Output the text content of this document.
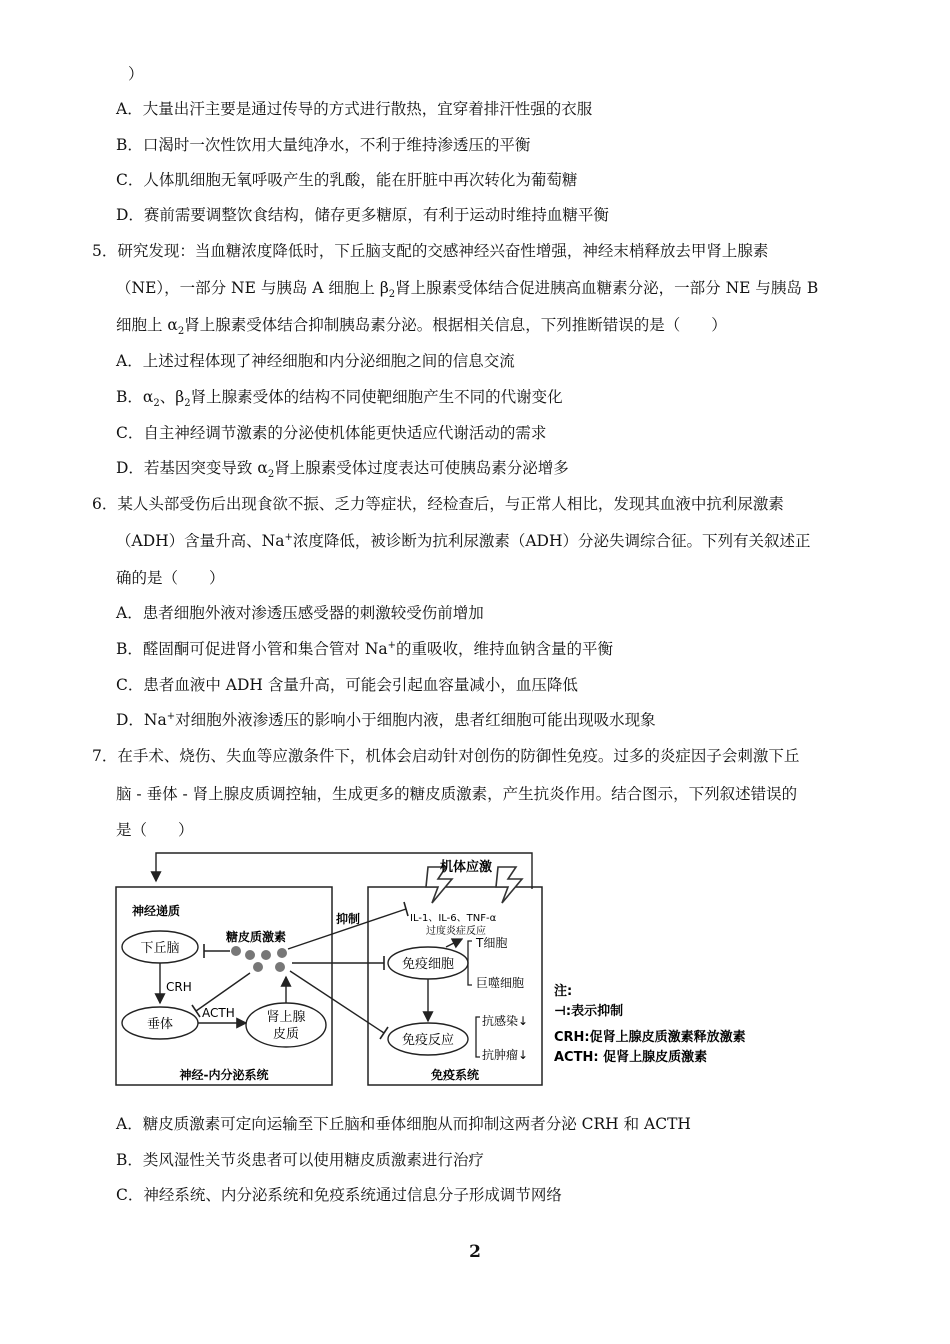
）
A．大量出汗主要是通过传导的方式进行散热，宜穿着排汗性强的衣服
B．口渴时一次性饮用大量纯净水，不利于维持渗透压的平衡
C．人体肌细胞无氧呼吸产生的乳酸，能在肝脏中再次转化为葡萄糖
D．赛前需要调整饮食结构，储存更多糖原，有利于运动时维持血糖平衡
5．研究发现：当血糖浓度降低时，下丘脑支配的交感神经兴奋性增强，神经末梢释放去甲肾上腺素
（NE），一部分 NE 与胰岛 A 细胞上 $\beta_2$肾上腺素受体结合促进胰高血糖素分泌，一部分 NE 与胰岛 B
细胞上 $\alpha_2$肾上腺素受体结合抑制胰岛素分泌。根据相关信息，下列推断错误的是（　　）
A．上述过程体现了神经细胞和内分泌细胞之间的信息交流
B．$\alpha_2$、$\beta_2$肾上腺素受体的结构不同使靶细胞产生不同的代谢变化
C．自主神经调节激素的分泌使机体能更快适应代谢活动的需求
D．若基因突变导致 $\alpha_2$肾上腺素受体过度表达可使胰岛素分泌增多
6．某人头部受伤后出现食欲不振、乏力等症状，经检查后，与正常人相比，发现其血液中抗利尿激素
（ADH）含量升高、Na+浓度降低，被诊断为抗利尿激素（ADH）分泌失调综合征。下列有关叙述正
确的是（　　）
A．患者细胞外液对渗透压感受器的刺激较受伤前增加
B．醛固酮可促进肾小管和集合管对 Na+的重吸收，维持血钠含量的平衡
C．患者血液中 ADH 含量升高，可能会引起血容量减小，血压降低
D．Na+对细胞外液渗透压的影响小于细胞内液，患者红细胞可能出现吸水现象
7．在手术、烧伤、失血等应激条件下，机体会启动针对创伤的防御性免疫。过多的炎症因子会刺激下丘
脑 - 垂体 - 肾上腺皮质调控轴，生成更多的糖皮质激素，产生抗炎作用。结合图示，下列叙述错误的
是（　　）
机体应激
神经递质
下丘脑
糖皮质激素
CRH
垂体
ACTH 肾上腺
皮质
抑制	IL-1、IL-6、TNF-α
过度炎症反应
免疫细胞
T细胞
巨噬细胞
免疫反应
抗感染↓
抗肿瘤↓
神经-内分泌系统	免疫系统
注:
⊣:表示抑制
CRH:促肾上腺皮质激素释放激素
ACTH: 促肾上腺皮质激素
A．糖皮质激素可定向运输至下丘脑和垂体细胞从而抑制这两者分泌 CRH 和 ACTH
B．类风湿性关节炎患者可以使用糖皮质激素进行治疗
C．神经系统、内分泌系统和免疫系统通过信息分子形成调节网络
2
